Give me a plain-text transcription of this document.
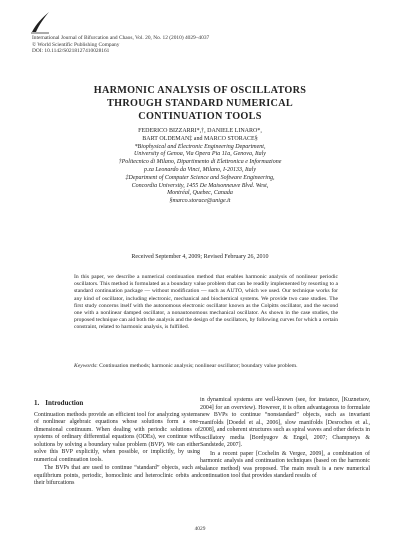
International Journal of Bifurcation and Chaos, Vol. 20, No. 12 (2010) 4029–4037
© World Scientific Publishing Company
DOI: 10.1142/S0218127410028161
HARMONIC ANALYSIS OF OSCILLATORS
THROUGH STANDARD NUMERICAL
CONTINUATION TOOLS
FEDERICO BIZZARRI*,†, DANIELE LINARO*,
BART OLDEMAN‡ and MARCO STORACE§
*Biophysical and Electronic Engineering Department,
University of Genoa, Via Opera Pia 11a, Genova, Italy
†Politecnico di Milano, Dipartimento di Elettronica e Informazione
p.za Leonardo da Vinci, Milano, I-20133, Italy
‡Department of Computer Science and Software Engineering,
Concordia University, 1455 De Maisonneuve Blvd. West,
Montréal, Quebec, Canada
§marco.storace@unige.it
Received September 4, 2009; Revised February 26, 2010
In this paper, we describe a numerical continuation method that enables harmonic analysis of nonlinear periodic oscillators. This method is formulated as a boundary value problem that can be readily implemented by resorting to a standard continuation package — without modification — such as AUTO, which we used. Our technique works for any kind of oscillator, including electronic, mechanical and biochemical systems. We provide two case studies. The first study concerns itself with the autonomous electronic oscillator known as the Colpitts oscillator, and the second one with a nonlinear damped oscillator, a nonautonomous mechanical oscillator. As shown in the case studies, the proposed technique can aid both the analysis and the design of the oscillators, by following curves for which a certain constraint, related to harmonic analysis, is fulfilled.
Keywords: Continuation methods; harmonic analysis; nonlinear oscillator; boundary value problem.
1. Introduction

Continuation methods provide an efficient tool for analyzing systems of nonlinear algebraic equations whose solutions form a one-dimensional continuum. When dealing with periodic solutions of systems of ordinary differential equations (ODEs), we continue with solutions by solving a boundary value problem (BVP). We can either solve this BVP explicitly, when possible, or implicitly, by using numerical continuation tools.

The BVPs that are used to continue “standard” objects, such as equilibrium points, periodic, homoclinic and heteroclinic orbits and their bifurcations

in dynamical systems are well-known (see, for instance, [Kuznetsov, 2004] for an overview). However, it is often advantageous to formulate new BVPs to continue “nonstandard” objects, such as invariant manifolds [Doedel et al., 2006], slow manifolds [Desroches et al., 2008], and coherent structures such as spiral waves and other defects in oscillatory media [Bordyugov & Engel, 2007; Champneys & Sandstede, 2007].

In a recent paper [Cochelin & Vergez, 2009], a combination of harmonic analysis and continuation techniques (based on the harmonic balance method) was proposed. The main result is a new numerical continuation tool that provides standard results of

4029
